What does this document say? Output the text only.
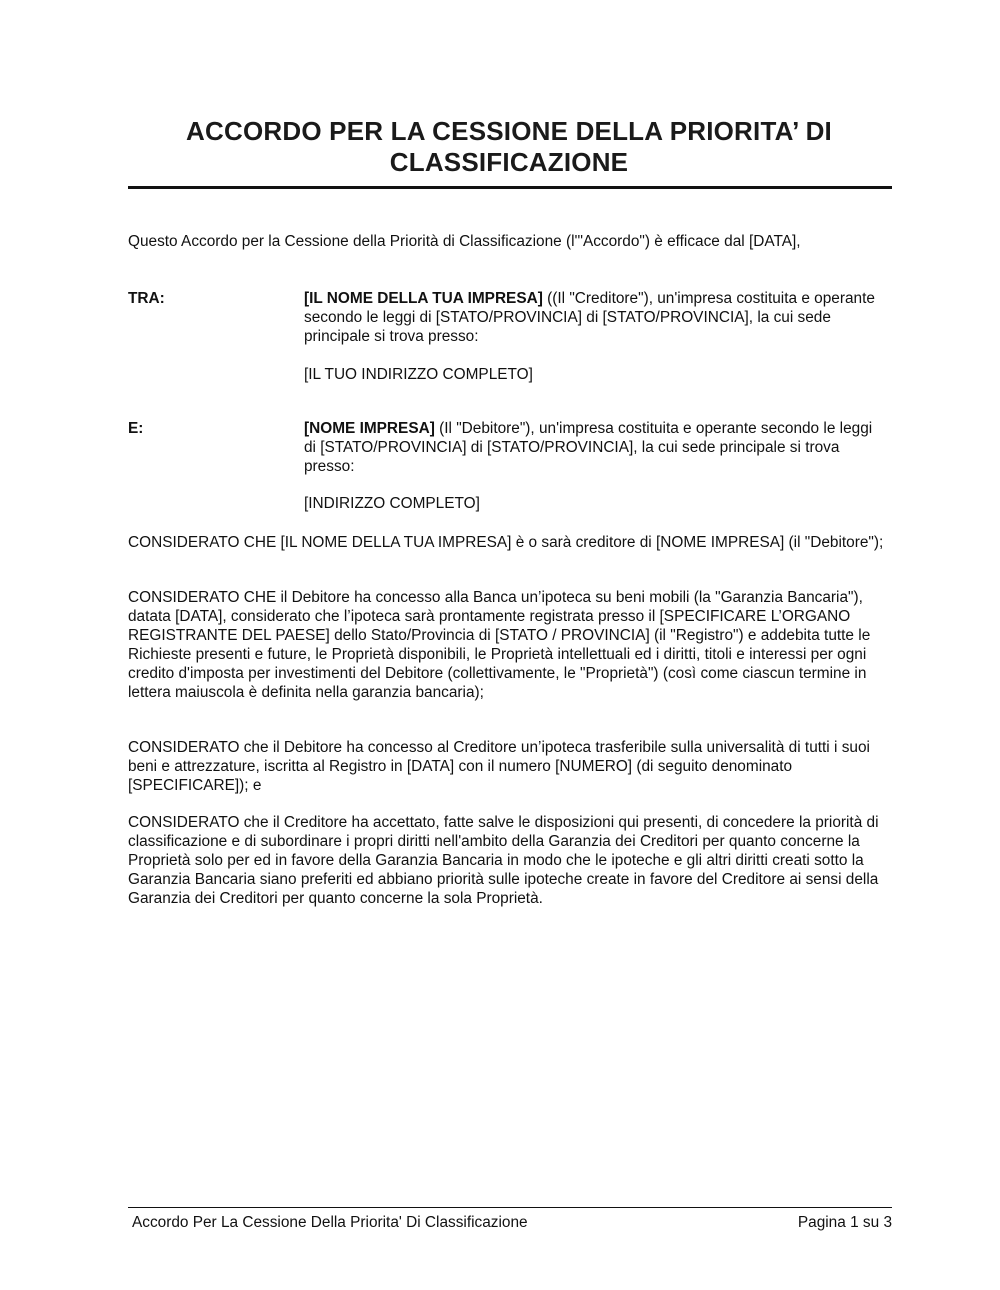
ACCORDO PER LA CESSIONE DELLA PRIORITA’ DI
CLASSIFICAZIONE
Questo Accordo per la Cessione della Priorità di Classificazione (l'"Accordo") è efficace dal [DATA],
TRA:	[IL NOME DELLA TUA IMPRESA] ((Il "Creditore"), un'impresa costituita e operante secondo le leggi di [STATO/PROVINCIA] di [STATO/PROVINCIA], la cui sede principale si trova presso:
[IL TUO INDIRIZZO COMPLETO]
E:	[NOME IMPRESA] (Il "Debitore"), un'impresa costituita e operante secondo le leggi di [STATO/PROVINCIA] di [STATO/PROVINCIA], la cui sede principale si trova presso:
[INDIRIZZO COMPLETO]
CONSIDERATO CHE [IL NOME DELLA TUA IMPRESA] è o sarà creditore di [NOME IMPRESA] (il "Debitore");
CONSIDERATO CHE il Debitore ha concesso alla Banca un’ipoteca su beni mobili (la "Garanzia Bancaria"), datata [DATA], considerato che l’ipoteca sarà prontamente registrata presso il [SPECIFICARE L’ORGANO REGISTRANTE DEL PAESE] dello Stato/Provincia di [STATO / PROVINCIA] (il "Registro") e addebita tutte le Richieste presenti e future, le Proprietà disponibili, le Proprietà intellettuali ed i diritti, titoli e interessi per ogni credito d'imposta per investimenti del Debitore (collettivamente, le "Proprietà") (così come ciascun termine in lettera maiuscola è definita nella garanzia bancaria);
CONSIDERATO che il Debitore ha concesso al Creditore un’ipoteca trasferibile sulla universalità di tutti i suoi beni e attrezzature, iscritta al Registro in [DATA] con il numero [NUMERO] (di seguito denominato [SPECIFICARE]); e
CONSIDERATO che il Creditore ha accettato, fatte salve le disposizioni qui presenti, di concedere la priorità di classificazione e di subordinare i propri diritti nell'ambito della Garanzia dei Creditori per quanto concerne la Proprietà solo per ed in favore della Garanzia Bancaria in modo che le ipoteche e gli altri diritti creati sotto la Garanzia Bancaria siano preferiti ed abbiano priorità sulle ipoteche create in favore del Creditore ai sensi della Garanzia dei Creditori per quanto concerne la sola Proprietà.
Accordo Per La Cessione Della Priorita' Di Classificazione	Pagina 1 su 3
